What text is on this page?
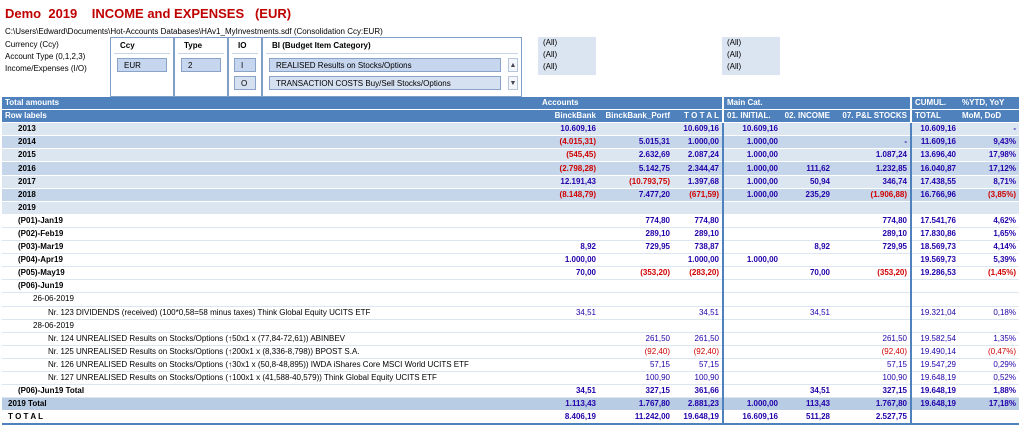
Demo  2019    INCOME and EXPENSES   (EUR)
C:\Users\Edward\Documents\Hot-Accounts Databases\HAv1_MyInvestments.sdf (Consolidation Ccy:EUR)
Currency (Ccy)
Account Type (0,1,2,3)
Income/Expenses (I/O)
Ccy
EUR
Type
2
IO
I
O
BI (Budget Item Category)
REALISED Results on Stocks/Options
TRANSACTION COSTS Buy/Sell Stocks/Options
▲
▼
(All)
(All)
(All)
(All)
(All)
(All)
Total amounts	Accounts			Main Cat.			CUMUL.	%YTD, YoY
Row labels	BinckBank	BinckBank_Portf	T O T A L	01. INITIAL.	02. INCOME	07. P&L STOCKS	TOTAL	MoM, DoD
2013	10.609,16		10.609,16	10.609,16			10.609,16	-
2014	(4.015,31)	5.015,31	1.000,00	1.000,00		-	11.609,16	9,43%
2015	(545,45)	2.632,69	2.087,24	1.000,00		1.087,24	13.696,40	17,98%
2016	(2.798,28)	5.142,75	2.344,47	1.000,00	111,62	1.232,85	16.040,87	17,12%
2017	12.191,43	(10.793,75)	1.397,68	1.000,00	50,94	346,74	17.438,55	8,71%
2018	(8.148,79)	7.477,20	(671,59)	1.000,00	235,29	(1.906,88)	16.766,96	(3,85%)
2019								
(P01)-Jan19		774,80	774,80			774,80	17.541,76	4,62%
(P02)-Feb19		289,10	289,10			289,10	17.830,86	1,65%
(P03)-Mar19	8,92	729,95	738,87		8,92	729,95	18.569,73	4,14%
(P04)-Apr19	1.000,00		1.000,00	1.000,00			19.569,73	5,39%
(P05)-May19	70,00	(353,20)	(283,20)		70,00	(353,20)	19.286,53	(1,45%)
(P06)-Jun19								
26-06-2019								
Nr. 123 DIVIDENDS (received) (100*0,58=58 minus taxes) Think Global Equity UCITS ETF	34,51		34,51		34,51		19.321,04	0,18%
28-06-2019								
Nr. 124 UNREALISED Results on Stocks/Options (↑50x1 x (77,84-72,61)) ABINBEV		261,50	261,50			261,50	19.582,54	1,35%
Nr. 125 UNREALISED Results on Stocks/Options (↑200x1 x (8,336-8,798)) BPOST S.A.		(92,40)	(92,40)			(92,40)	19.490,14	(0,47%)
Nr. 126 UNREALISED Results on Stocks/Options (↑30x1 x (50,8-48,895)) IWDA iShares Core MSCI World UCITS ETF		57,15	57,15			57,15	19.547,29	0,29%
Nr. 127 UNREALISED Results on Stocks/Options (↑100x1 x (41,588-40,579)) Think Global Equity UCITS ETF		100,90	100,90			100,90	19.648,19	0,52%
(P06)-Jun19 Total	34,51	327,15	361,66		34,51	327,15	19.648,19	1,88%
2019 Total	1.113,43	1.767,80	2.881,23	1.000,00	113,43	1.767,80	19.648,19	17,18%
T O T A L	8.406,19	11.242,00	19.648,19	16.609,16	511,28	2.527,75		
